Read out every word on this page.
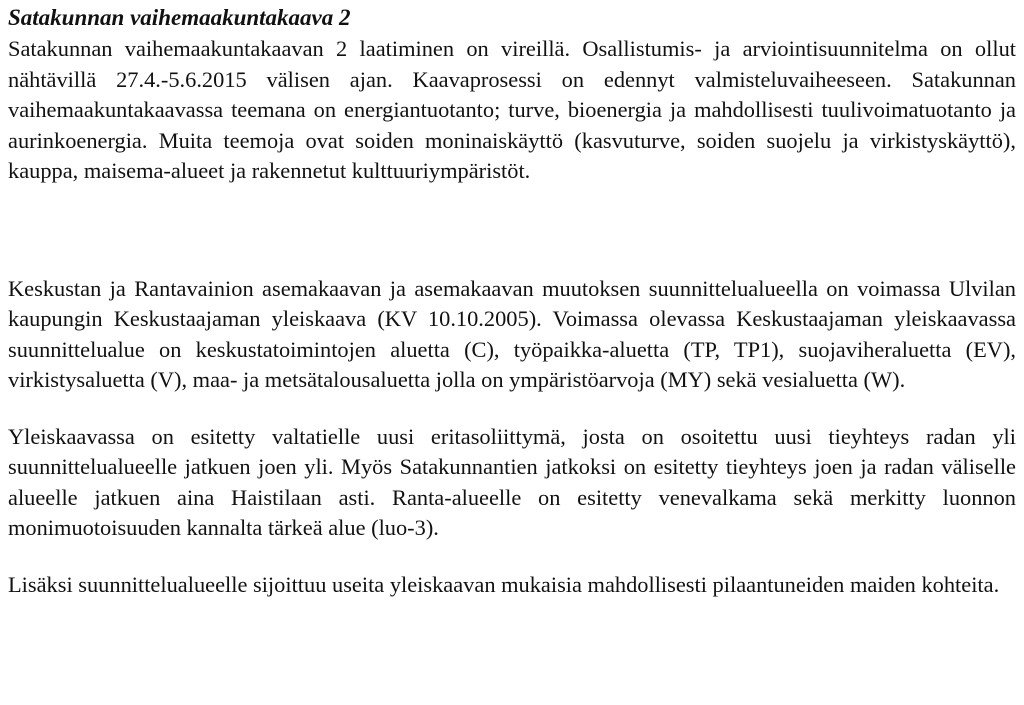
Satakunnan vaihemaakuntakaava 2

Satakunnan vaihemaakuntakaavan 2 laatiminen on vireillä. Osallistumis- ja arviointisuunnitelma on ollut nähtävillä 27.4.-5.6.2015 välisen ajan. Kaavaprosessi on edennyt valmisteluvaiheeseen. Satakunnan vaihemaakuntakaavassa teemana on energiantuotanto; turve, bioenergia ja mahdollisesti tuulivoimatuotanto ja aurinkoenergia. Muita teemoja ovat soiden moninaiskäyttö (kasvuturve, soiden suojelu ja virkistyskäyttö), kauppa, maisema-alueet ja rakennetut kulttuuriympäristöt.

Keskustan ja Rantavainion asemakaavan ja asemakaavan muutoksen suunnittelualueella on voimassa Ulvilan kaupungin Keskustaajaman yleiskaava (KV 10.10.2005). Voimassa olevassa Keskustaajaman yleiskaavassa suunnittelualue on keskustatoimintojen aluetta (C), työpaikka-aluetta (TP, TP1), suojaviheraluetta (EV), virkistysaluetta (V), maa- ja metsätalousaluetta jolla on ympäristöarvoja (MY) sekä vesialuetta (W).

Yleiskaavassa on esitetty valtatielle uusi eritasoliittymä, josta on osoitettu uusi tieyhteys radan yli suunnittelualueelle jatkuen joen yli. Myös Satakunnantien jatkoksi on esitetty tieyhteys joen ja radan väliselle alueelle jatkuen aina Haistilaan asti. Ranta-alueelle on esitetty venevalkama sekä merkitty luonnon monimuotoisuuden kannalta tärkeä alue (luo-3).

Lisäksi suunnittelualueelle sijoittuu useita yleiskaavan mukaisia mahdollisesti pilaantuneiden maiden kohteita.
